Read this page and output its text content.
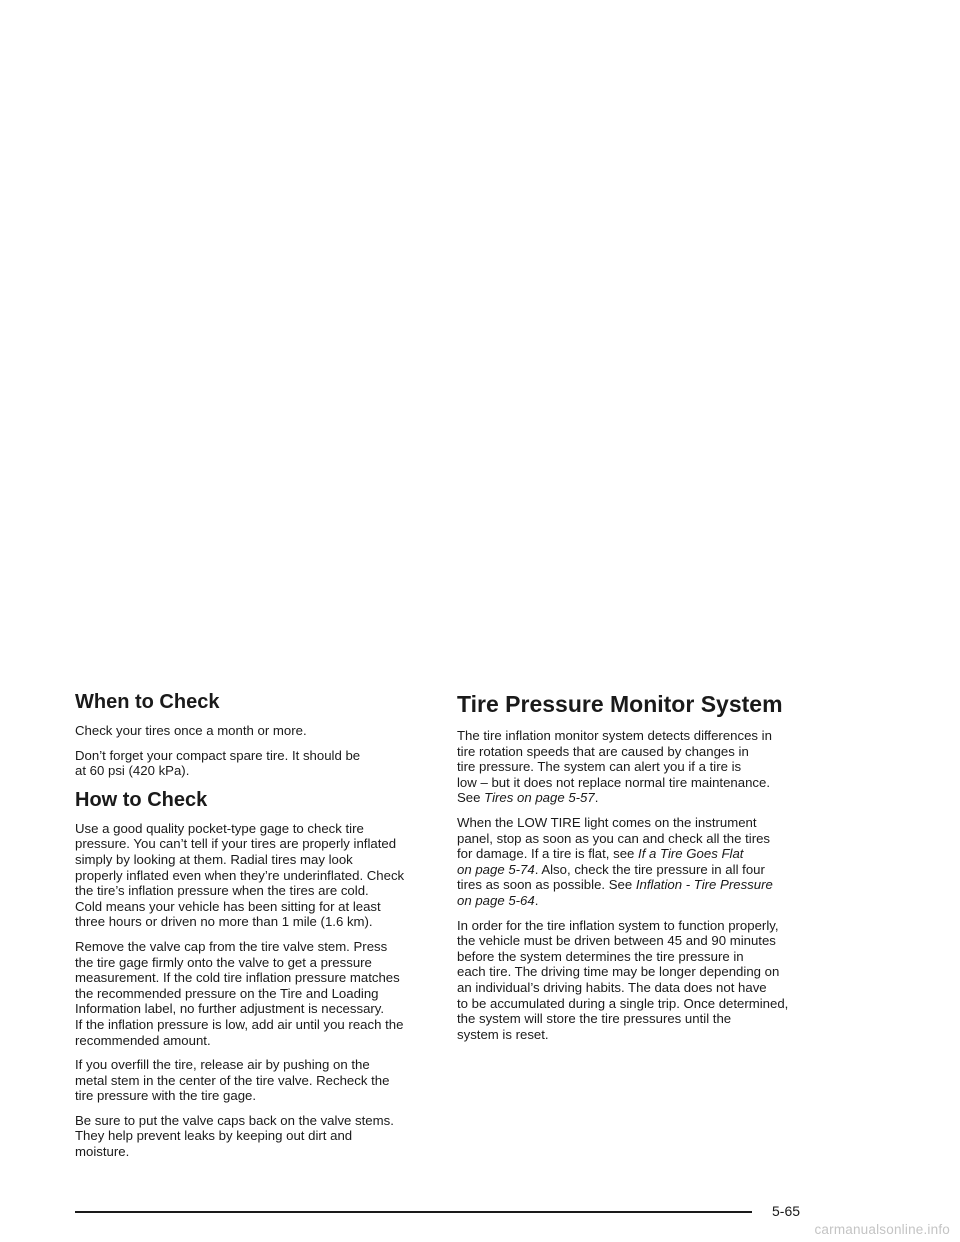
When to Check

Check your tires once a month or more.

Don’t forget your compact spare tire. It should be
at 60 psi (420 kPa).

How to Check

Use a good quality pocket-type gage to check tire
pressure. You can’t tell if your tires are properly inflated
simply by looking at them. Radial tires may look
properly inflated even when they’re underinflated. Check
the tire’s inflation pressure when the tires are cold.
Cold means your vehicle has been sitting for at least
three hours or driven no more than 1 mile (1.6 km).

Remove the valve cap from the tire valve stem. Press
the tire gage firmly onto the valve to get a pressure
measurement. If the cold tire inflation pressure matches
the recommended pressure on the Tire and Loading
Information label, no further adjustment is necessary.
If the inflation pressure is low, add air until you reach the
recommended amount.

If you overfill the tire, release air by pushing on the
metal stem in the center of the tire valve. Recheck the
tire pressure with the tire gage.

Be sure to put the valve caps back on the valve stems.
They help prevent leaks by keeping out dirt and
moisture.

Tire Pressure Monitor System

The tire inflation monitor system detects differences in
tire rotation speeds that are caused by changes in
tire pressure. The system can alert you if a tire is
low – but it does not replace normal tire maintenance.
See Tires on page 5-57.

When the LOW TIRE light comes on the instrument
panel, stop as soon as you can and check all the tires
for damage. If a tire is flat, see If a Tire Goes Flat
on page 5-74. Also, check the tire pressure in all four
tires as soon as possible. See Inflation - Tire Pressure
on page 5-64.

In order for the tire inflation system to function properly,
the vehicle must be driven between 45 and 90 minutes
before the system determines the tire pressure in
each tire. The driving time may be longer depending on
an individual’s driving habits. The data does not have
to be accumulated during a single trip. Once determined,
the system will store the tire pressures until the
system is reset.

5-65
carmanualsonline.info
